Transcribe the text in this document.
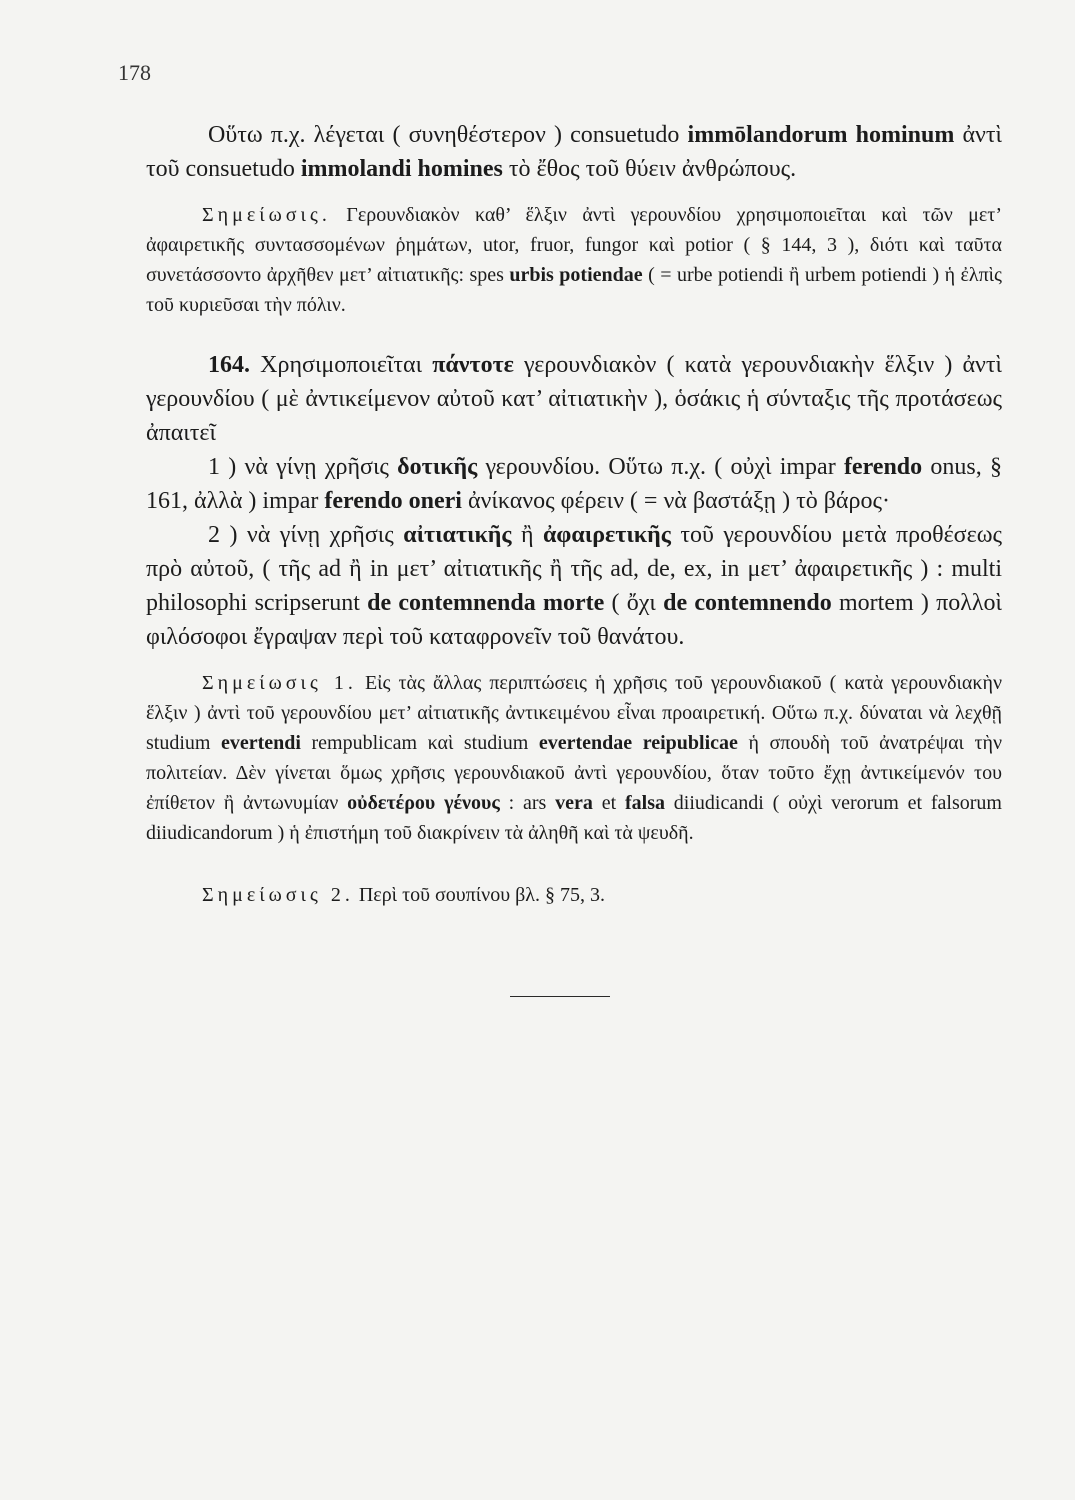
178

Οὕτω π.χ. λέγεται ( συνηθέστερον ) consuetudo immōlandorum hominum ἀντὶ τοῦ consuetudo immolandi homines τὸ ἔθος τοῦ θύειν ἀνθρώπους.

Σημείωσις. Γερουνδιακὸν καθ’ ἕλξιν ἀντὶ γερουνδίου χρησιμοποιεῖται καὶ τῶν μετ’ ἀφαιρετικῆς συντασσομένων ῥημάτων, utor, fruor, fungor καὶ potior ( § 144, 3 ), διότι καὶ ταῦτα συνετάσσοντο ἀρχῆθεν μετ’ αἰτιατικῆς: spes urbis potiendae ( = urbe potiendi ἢ urbem potiendi ) ἡ ἐλπὶς τοῦ κυριεῦσαι τὴν πόλιν.

164. Χρησιμοποιεῖται πάντοτε γερουνδιακὸν ( κατὰ γερουνδιακὴν ἕλξιν ) ἀντὶ γερουνδίου ( μὲ ἀντικείμενον αὐτοῦ κατ’ αἰτιατικὴν ), ὁσάκις ἡ σύνταξις τῆς προτάσεως ἀπαιτεῖ

1 ) νὰ γίνῃ χρῆσις δοτικῆς γερουνδίου. Οὕτω π.χ. ( οὐχὶ impar ferendo onus, § 161, ἀλλὰ ) impar ferendo oneri ἀνίκανος φέρειν ( = νὰ βαστάξῃ ) τὸ βάρος·

2 ) νὰ γίνῃ χρῆσις αἰτιατικῆς ἢ ἀφαιρετικῆς τοῦ γερουνδίου μετὰ προθέσεως πρὸ αὐτοῦ, ( τῆς ad ἢ in μετ’ αἰτιατικῆς ἢ τῆς ad, de, ex, in μετ’ ἀφαιρετικῆς ) : multi philosophi scripserunt de contemnenda morte ( ὄχι de contemnendo mortem ) πολλοὶ φιλόσοφοι ἔγραψαν περὶ τοῦ καταφρονεῖν τοῦ θανάτου.

Σημείωσις 1. Εἰς τὰς ἄλλας περιπτώσεις ἡ χρῆσις τοῦ γερουνδιακοῦ ( κατὰ γερουνδιακὴν ἕλξιν ) ἀντὶ τοῦ γερουνδίου μετ’ αἰτιατικῆς ἀντικειμένου εἶναι προαιρετική. Οὕτω π.χ. δύναται νὰ λεχθῇ studium evertendi rempublicam καὶ studium evertendae reipublicae ἡ σπουδὴ τοῦ ἀνατρέψαι τὴν πολιτείαν. Δὲν γίνεται ὅμως χρῆσις γερουνδιακοῦ ἀντὶ γερουνδίου, ὅταν τοῦτο ἔχῃ ἀντικείμενόν του ἐπίθετον ἢ ἀντωνυμίαν οὐδετέρου γένους : ars vera et falsa diiudicandi ( οὐχὶ verorum et falsorum diiudicandorum ) ἡ ἐπιστήμη τοῦ διακρίνειν τὰ ἀληθῆ καὶ τὰ ψευδῆ.

Σημείωσις 2. Περὶ τοῦ σουπίνου βλ. § 75, 3.
